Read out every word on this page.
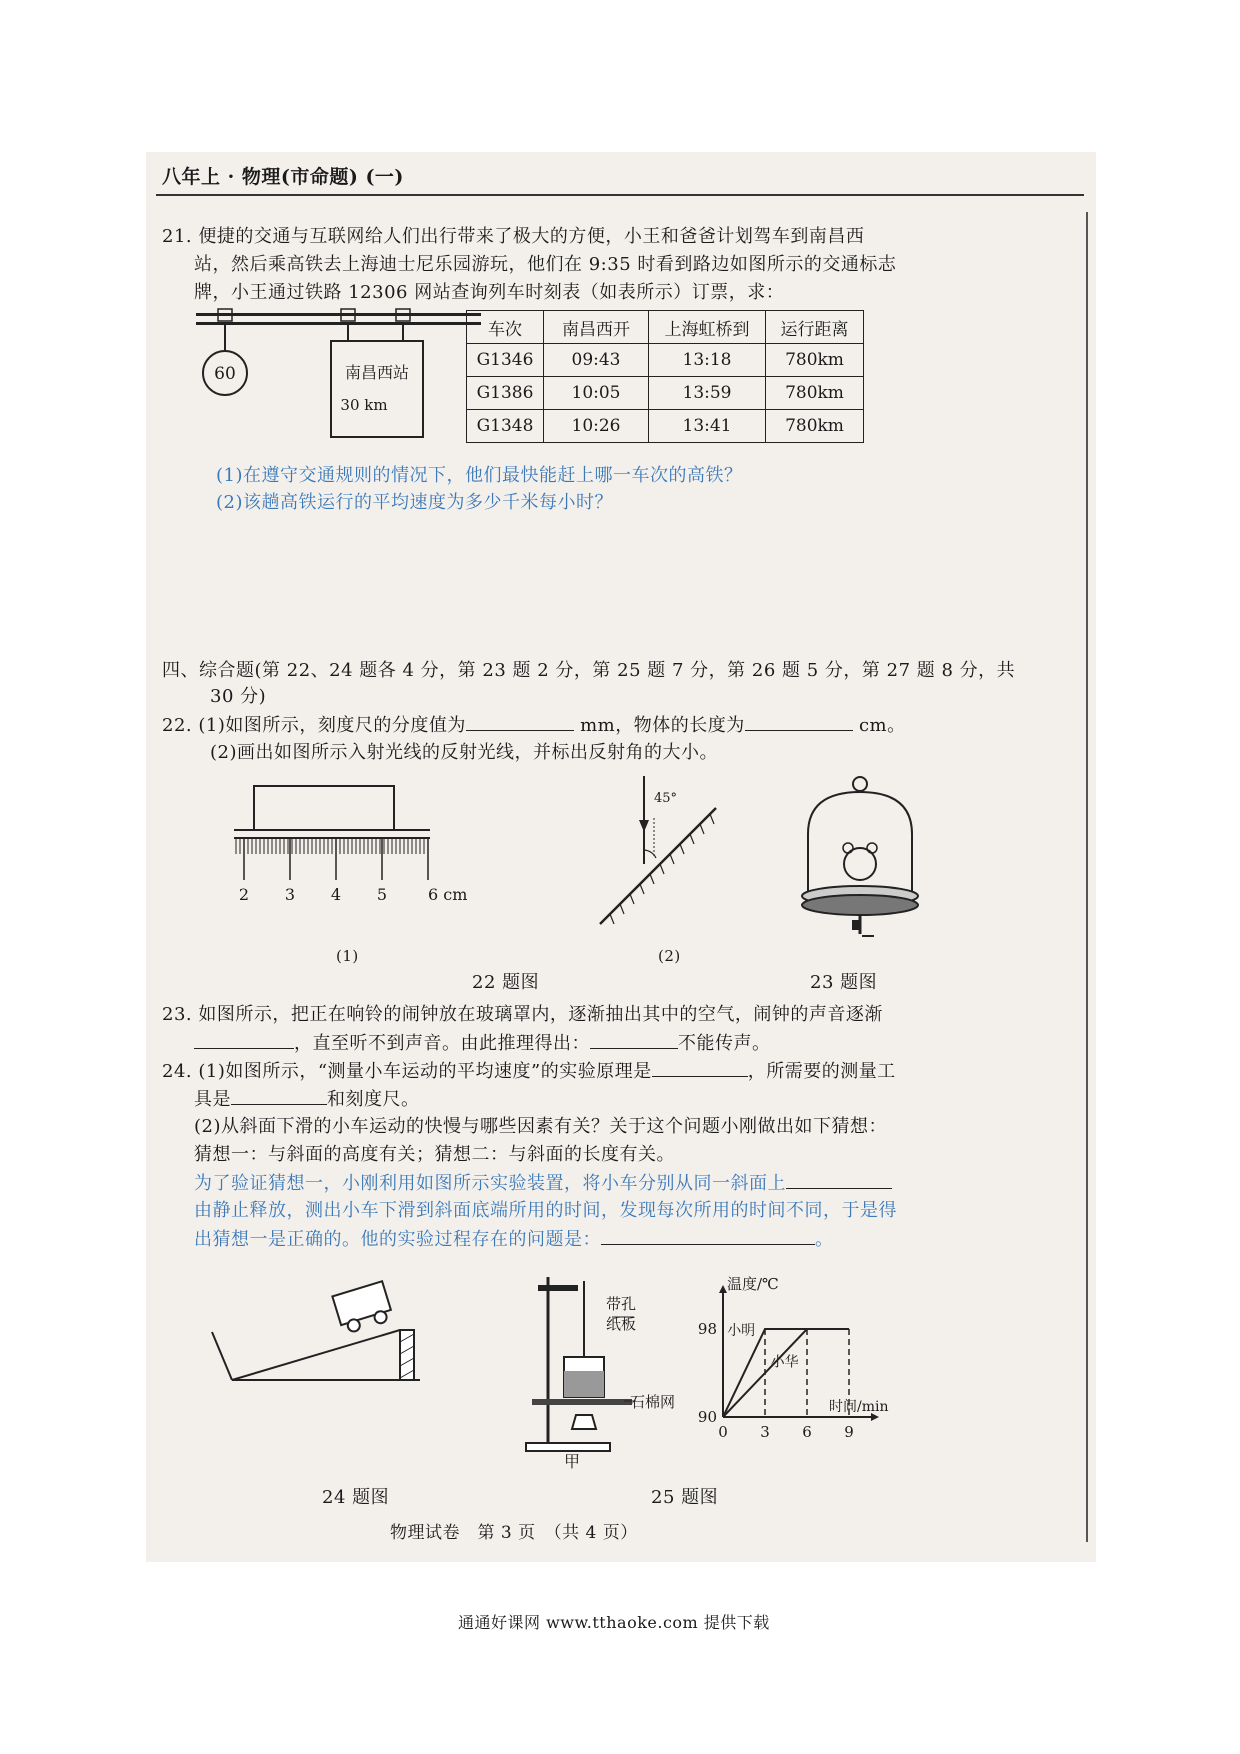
八年上 · 物理(市命题) (一)
21. 便捷的交通与互联网给人们出行带来了极大的方便，小王和爸爸计划驾车到南昌西
站，然后乘高铁去上海迪士尼乐园游玩，他们在 9:35 时看到路边如图所示的交通标志
牌，小王通过铁路 12306 网站查询列车时刻表（如表所示）订票，求：
60	南昌西站
30 km
车次	南昌西开	上海虹桥到	运行距离
G1346	09:43	13:18	780km
G1386	10:05	13:59	780km
G1348	10:26	13:41	780km
(1)在遵守交通规则的情况下，他们最快能赶上哪一车次的高铁？
(2)该趟高铁运行的平均速度为多少千米每小时？
四、综合题(第 22、24 题各 4 分，第 23 题 2 分，第 25 题 7 分，第 26 题 5 分，第 27 题 8 分，共
30 分)
22. (1)如图所示，刻度尺的分度值为	mm，物体的长度为	cm。
(2)画出如图所示入射光线的反射光线，并标出反射角的大小。
2 3 4 5	6 cm
(1)
45°
(2)
22 题图	23 题图
23. 如图所示，把正在响铃的闹钟放在玻璃罩内，逐渐抽出其中的空气，闹钟的声音逐渐
，直至听不到声音。由此推理得出：	不能传声。
24. (1)如图所示，“测量小车运动的平均速度”的实验原理是	，所需要的测量工
具是	和刻度尺。
(2)从斜面下滑的小车运动的快慢与哪些因素有关？关于这个问题小刚做出如下猜想：
猜想一：与斜面的高度有关；猜想二：与斜面的长度有关。
为了验证猜想一，小刚利用如图所示实验装置，将小车分别从同一斜面上
由静止释放，测出小车下滑到斜面底端所用的时间，发现每次所用的时间不同，于是得
出猜想一是正确的。他的实验过程存在的问题是：	。
24 题图
带孔
纸板
石棉网
甲
温度/℃
时间/min
0 3 6 9
90
98 小明
小华
25 题图
物理试卷　第 3 页　（共 4 页）
通通好课网 www.tthaoke.com 提供下载
